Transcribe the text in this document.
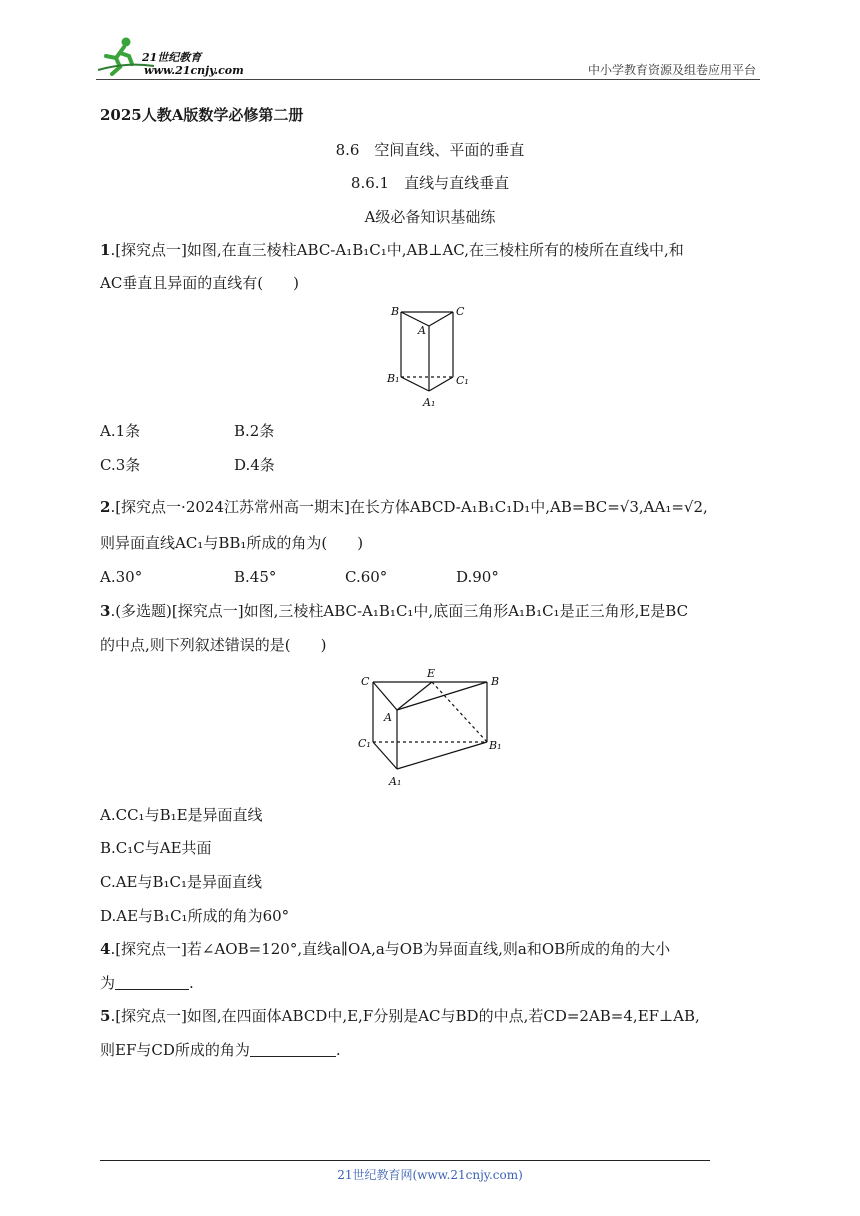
21世纪教育
www.21cnjy.com	中小学教育资源及组卷应用平台
2025人教A版数学必修第二册
8.6　空间直线、平面的垂直
8.6.1　直线与直线垂直
A级必备知识基础练
1.[探究点一]如图,在直三棱柱ABC-A₁B₁C₁中,AB⊥AC,在三棱柱所有的棱所在直线中,和
AC垂直且异面的直线有(　　)
B	C
A
B₁	C₁
A₁
A.1条	B.2条
C.3条	D.4条
2.[探究点一·2024江苏常州高一期末]在长方体ABCD-A₁B₁C₁D₁中,AB=BC=√3,AA₁=√2,
则异面直线AC₁与BB₁所成的角为(　　)
A.30°	B.45°	C.60°	D.90°
3.(多选题)[探究点一]如图,三棱柱ABC-A₁B₁C₁中,底面三角形A₁B₁C₁是正三角形,E是BC
的中点,则下列叙述错误的是(　　)
C
E
B
A
C₁	B₁
A₁
A.CC₁与B₁E是异面直线
B.C₁C与AE共面
C.AE与B₁C₁是异面直线
D.AE与B₁C₁所成的角为60°
4.[探究点一]若∠AOB=120°,直线a∥OA,a与OB为异面直线,则a和OB所成的角的大小
为	.
5.[探究点一]如图,在四面体ABCD中,E,F分别是AC与BD的中点,若CD=2AB=4,EF⊥AB,
则EF与CD所成的角为	.
21世纪教育网(www.21cnjy.com)
